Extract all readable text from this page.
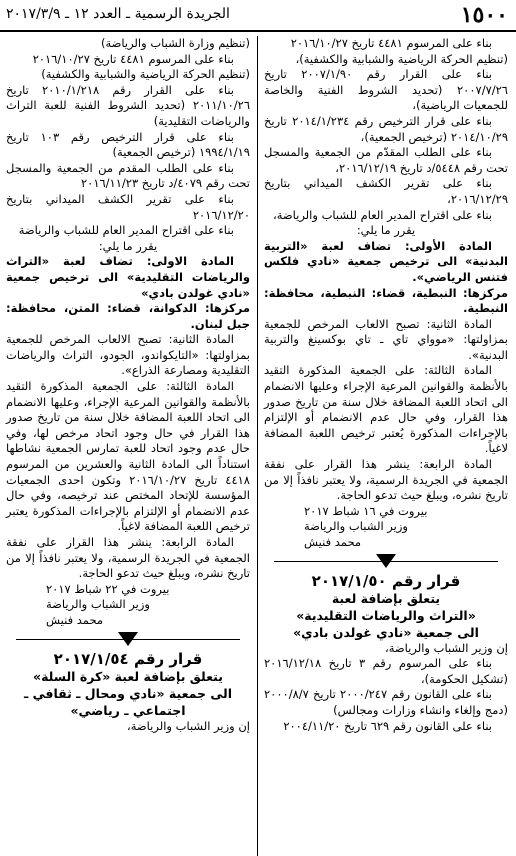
١٥٠٠
الجريدة الرسمية ـ العدد ١٢ ـ ٢٠١٧/٣/٩

بناء على المرسوم ٤٤٨١ تاريخ ٢٠١٦/١٠/٢٧

(تنظيم الحركة الرياضية والشبابية والكشفية)،

بناء على القرار رقم ٢٠٠٧/١/٩٠ تاريخ ٢٠٠٧/٧/٢٦ (تحديد الشروط الفنية والخاصة للجمعيات الرياضية)،

بناء على قرار الترخيص رقم ٢٠١٤/١/٢٣٤ تاريخ ٢٠١٤/١٠/٢٩ (ترخيص الجمعية)،

بناء على الطلب المقدّم من الجمعية والمسجل تحت رقم ٥٤٤٨/د تاريخ ٢٠١٦/١٢/١٩،

بناء على تقرير الكشف الميداني بتاريخ ٢٠١٦/١٢/٢٩،

بناء على اقتراح المدير العام للشباب والرياضة،

يقرر ما يلي:

المادة الأولى: تضاف لعبة «التربية البدنية» الى ترخيص جمعية «نادي فلكس فتنس الرياضي».

مركزها: النبطية، قضاء: النبطية، محافظة: النبطية.

المادة الثانية: تصبح الالعاب المرخص للجمعية بمزاولتها: «موواي تاي ـ تاي بوكسينغ والتربية البدنية».

المادة الثالثة: على الجمعية المذكورة التقيد بالأنظمة والقوانين المرعية الإجراء وعليها الانضمام الى اتحاد اللعبة المضافة خلال سنة من تاريخ صدور هذا القرار، وفي حال عدم الانضمام أو الإلتزام بالإجراءات المذكورة يُعتبر ترخيص اللعبة المضافة لاغياً.

المادة الرابعة: ينشر هذا القرار على نفقة الجمعية في الجريدة الرسمية، ولا يعتبر نافذاً إلا من تاريخ نشره، ويبلغ حيث تدعو الحاجة.

بيروت في ١٦ شباط ٢٠١٧

وزير الشباب والرياضة

محمد فنيش

قرار رقم ٢٠١٧/١/٥٠

يتعلق بإضافة لعبة

«التراث والرياضات التقليدية»

الى جمعية «نادي غولدن بادي»

إن وزير الشباب والرياضة،

بناء على المرسوم رقم ٣ تاريخ ٢٠١٦/١٢/١٨ (تشكيل الحكومة)،

بناء على القانون رقم ٢٠٠٠/٢٤٧ تاريخ ٢٠٠٠/٨/٧ (دمج وإلغاء وانشاء وزارات ومجالس)

بناء على القانون رقم ٦٢٩ تاريخ ٢٠٠٤/١١/٢٠

(تنظيم وزارة الشباب والرياضة)

بناء على المرسوم ٤٤٨١ تاريخ ٢٠١٦/١٠/٢٧

(تنظيم الحركة الرياضية والشبابية والكشفية)

بناء على القرار رقم ٢٠١٠/١/٢١٨ تاريخ ٢٠١١/١٠/٢٦ (تحديد الشروط الفنية للعبة التراث والرياضات التقليدية)

بناء على قرار الترخيص رقم ١٠٣ تاريخ ١٩٩٤/١/١٩ (ترخيص الجمعية)

بناء على الطلب المقدم من الجمعية والمسجل تحت رقم ٤٠٧٩/د تاريخ ٢٠١٦/١١/٢٣

بناء على تقرير الكشف الميداني بتاريخ ٢٠١٦/١٢/٢٠

بناء على اقتراح المدير العام للشباب والرياضة

يقرر ما يلي:

المادة الاولى: تضاف لعبة «التراث والرياضات التقليدية» الى ترخيص جمعية «نادي غولدن بادي»

مركزها: الدكوانة، قضاء: المتن، محافظة: جبل لبنان.

المادة الثانية: تصبح الالعاب المرخص للجمعية بمزاولتها: «التايكواندو، الجودو، التراث والرياضات التقليدية ومصارعة الذراع».

المادة الثالثة: على الجمعية المذكورة التقيد بالأنظمة والقوانين المرعية الإجراء، وعليها الانضمام الى اتحاد اللعبة المضافة خلال سنة من تاريخ صدور هذا القرار في حال وجود اتحاد مرخص لها، وفي حال عدم وجود اتحاد للعبة تمارس الجمعية نشاطها استناداً الى المادة الثانية والعشرين من المرسوم ٤٤١٨ تاريخ ٢٠١٦/١٠/٢٧ وتكون احدى الجمعيات المؤسسة للإتحاد المختص عند ترخيصه، وفي حال عدم الانضمام أو الإلتزام بالإجراءات المذكورة يعتبر ترخيص اللعبة المضافة لاغياً.

المادة الرابعة: ينشر هذا القرار على نفقة الجمعية في الجريدة الرسمية، ولا يعتبر نافذاً إلا من تاريخ نشره، ويبلغ حيث تدعو الحاجة.

بيروت في ٢٢ شباط ٢٠١٧

وزير الشباب والرياضة

محمد فنيش

قرار رقم ٢٠١٧/١/٥٤

يتعلق بإضافة لعبة «كرة السلة»

الى جمعية «نادي ومحال ـ ثقافي ـ اجتماعي ـ رياضي»

إن وزير الشباب والرياضة،
